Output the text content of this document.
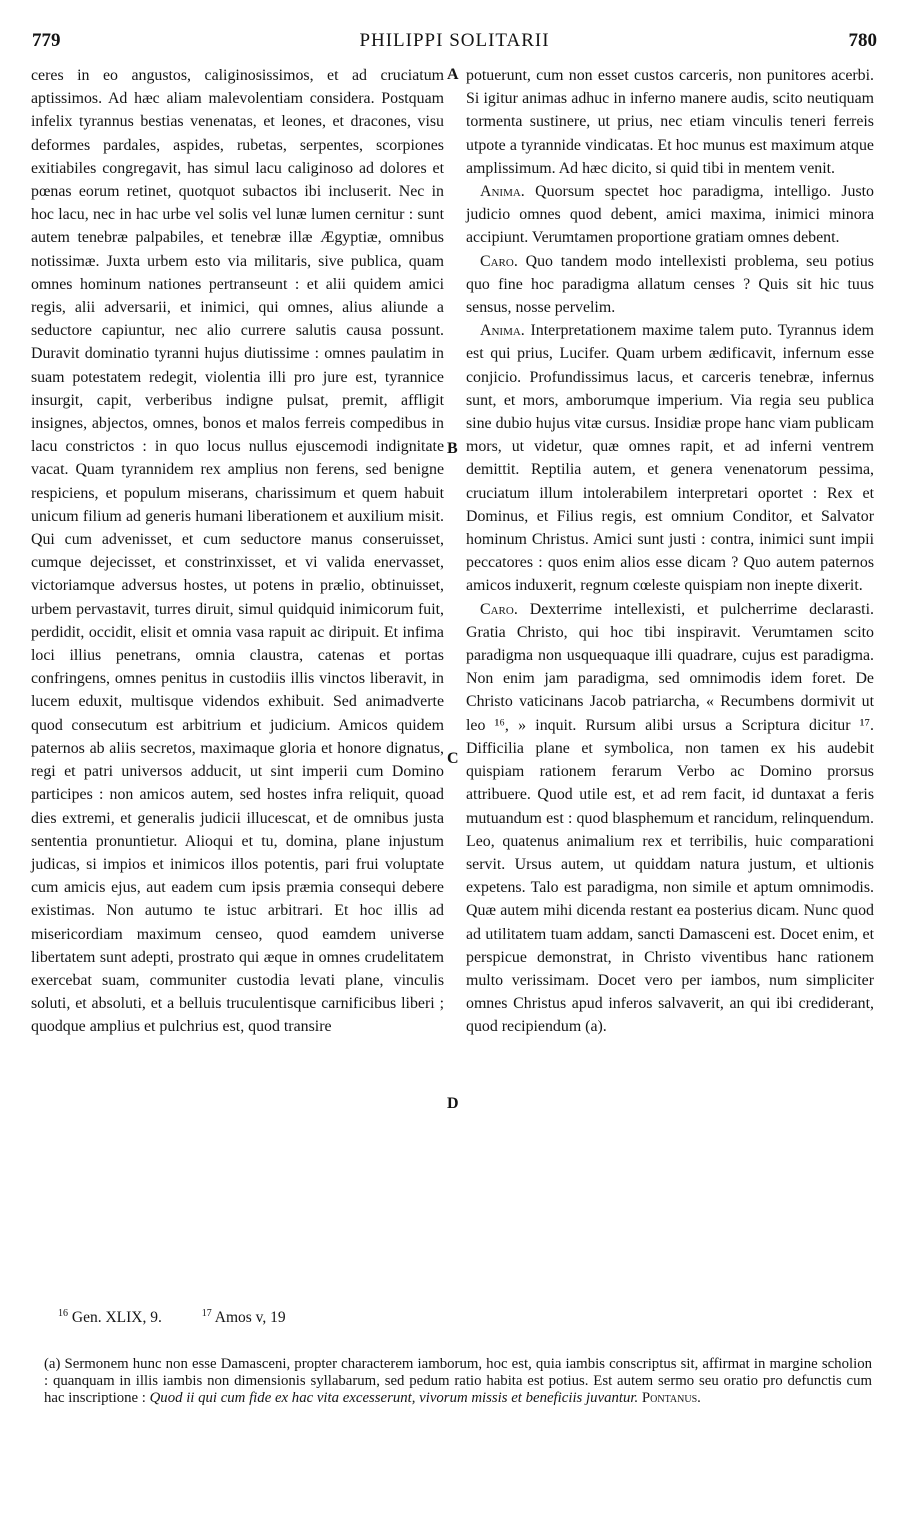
779	PHILIPPI SOLITARII	780

ceres in eo angustos, caliginosissimos, et ad cruciatum aptissimos. Ad hæc aliam malevolentiam considera. Postquam infelix tyrannus bestias venenatas, et leones, et dracones, visu deformes pardales, aspides, rubetas, serpentes, scorpiones exitiabiles congregavit, has simul lacu caliginoso ad dolores et pœnas eorum retinet, quotquot subactos ibi incluserit. Nec in hoc lacu, nec in hac urbe vel solis vel lunæ lumen cernitur : sunt autem tenebræ palpabiles, et tenebræ illæ Ægyptiæ, omnibus notissimæ. Juxta urbem esto via militaris, sive publica, quam omnes hominum nationes pertranseunt : et alii quidem amici regis, alii adversarii, et inimici, qui omnes, alius aliunde a seductore capiuntur, nec alio currere salutis causa possunt. Duravit dominatio tyranni hujus diutissime : omnes paulatim in suam potestatem redegit, violentia illi pro jure est, tyrannice insurgit, capit, verberibus indigne pulsat, premit, affligit insignes, abjectos, omnes, bonos et malos ferreis compedibus in lacu constrictos : in quo locus nullus ejuscemodi indignitate vacat. Quam tyrannidem rex amplius non ferens, sed benigne respiciens, et populum miserans, charissimum et quem habuit unicum filium ad generis humani liberationem et auxilium misit. Qui cum advenisset, et cum seductore manus conseruisset, cumque dejecisset, et constrinxisset, et vi valida enervasset, victoriamque adversus hostes, ut potens in prælio, obtinuisset, urbem pervastavit, turres diruit, simul quidquid inimicorum fuit, perdidit, occidit, elisit et omnia vasa rapuit ac diripuit. Et infima loci illius penetrans, omnia claustra, catenas et portas confringens, omnes penitus in custodiis illis vinctos liberavit, in lucem eduxit, multisque videndos exhibuit. Sed animadverte quod consecutum est arbitrium et judicium. Amicos quidem paternos ab aliis secretos, maximaque gloria et honore dignatus, regi et patri universos adducit, ut sint imperii cum Domino participes : non amicos autem, sed hostes infra reliquit, quoad dies extremi, et generalis judicii illucescat, et de omnibus justa sententia pronuntietur. Alioqui et tu, domina, plane injustum judicas, si impios et inimicos illos potentis, pari frui voluptate cum amicis ejus, aut eadem cum ipsis præmia consequi debere existimas. Non autumo te istuc arbitrari. Et hoc illis ad misericordiam maximum censeo, quod eamdem universe libertatem sunt adepti, prostrato qui æque in omnes crudelitatem exercebat suam, communiter custodia levati plane, vinculis soluti, et absoluti, et a belluis truculentisque carnificibus liberi ; quodque amplius et pulchrius est, quod transire

potuerunt, cum non esset custos carceris, non punitores acerbi. Si igitur animas adhuc in inferno manere audis, scito neutiquam tormenta sustinere, ut prius, nec etiam vinculis teneri ferreis utpote a tyrannide vindicatas. Et hoc munus est maximum atque amplissimum. Ad hæc dicito, si quid tibi in mentem venit.

Anima. Quorsum spectet hoc paradigma, intelligo. Justo judicio omnes quod debent, amici maxima, inimici minora accipiunt. Verumtamen proportione gratiam omnes debent.

Caro. Quo tandem modo intellexisti problema, seu potius quo fine hoc paradigma allatum censes ? Quis sit hic tuus sensus, nosse pervelim.

Anima. Interpretationem maxime talem puto. Tyrannus idem est qui prius, Lucifer. Quam urbem ædificavit, infernum esse conjicio. Profundissimus lacus, et carceris tenebræ, infernus sunt, et mors, amborumque imperium. Via regia seu publica sine dubio hujus vitæ cursus. Insidiæ prope hanc viam publicam mors, ut videtur, quæ omnes rapit, et ad inferni ventrem demittit. Reptilia autem, et genera venenatorum pessima, cruciatum illum intolerabilem interpretari oportet : Rex et Dominus, et Filius regis, est omnium Conditor, et Salvator hominum Christus. Amici sunt justi : contra, inimici sunt impii peccatores : quos enim alios esse dicam ? Quo autem paternos amicos induxerit, regnum cœleste quispiam non inepte dixerit.

Caro. Dexterrime intellexisti, et pulcherrime declarasti. Gratia Christo, qui hoc tibi inspiravit. Verumtamen scito paradigma non usquequaque illi quadrare, cujus est paradigma. Non enim jam paradigma, sed omnimodis idem foret. De Christo vaticinans Jacob patriarcha, « Recumbens dormivit ut leo ¹⁶, » inquit. Rursum alibi ursus a Scriptura dicitur ¹⁷. Difficilia plane et symbolica, non tamen ex his audebit quispiam rationem ferarum Verbo ac Domino prorsus attribuere. Quod utile est, et ad rem facit, id duntaxat a feris mutuandum est : quod blasphemum et rancidum, relinquendum. Leo, quatenus animalium rex et terribilis, huic comparationi servit. Ursus autem, ut quiddam natura justum, et ultionis expetens. Talo est paradigma, non simile et aptum omnimodis. Quæ autem mihi dicenda restant ea posterius dicam. Nunc quod ad utilitatem tuam addam, sancti Damasceni est. Docet enim, et perspicue demonstrat, in Christo viventibus hanc rationem multo verissimam. Docet vero per iambos, num simpliciter omnes Christus apud inferos salvaverit, an qui ibi crediderant, quod recipiendum (a).

A
B
C
D
$^{16}$ Gen. XLIX, 9.	$^{17}$ Amos v, 19
(a) Sermonem hunc non esse Damasceni, propter characterem iamborum, hoc est, quia iambis conscriptus sit, affirmat in margine scholion : quanquam in illis iambis non dimensionis syllabarum, sed pedum ratio habita est potius. Est autem sermo seu oratio pro defunctis cum hac inscriptione : Quod ii qui cum fide ex hac vita excesserunt, vivorum missis et beneficiis juvantur. Pontanus.
